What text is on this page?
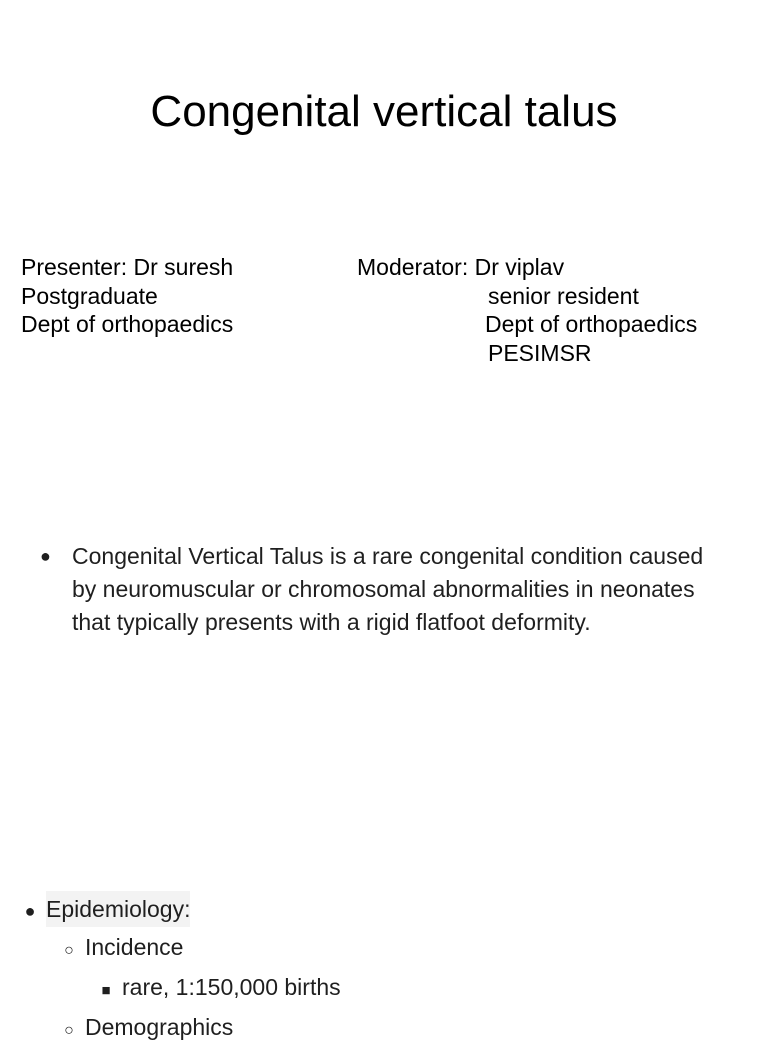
Congenital vertical talus
Presenter: Dr suresh
Postgraduate
Dept of orthopaedics
Moderator: Dr viplav
senior resident
Dept of orthopaedics
PESIMSR
● Congenital Vertical Talus is a rare congenital condition caused by neuromuscular or chromosomal abnormalities in neonates that typically presents with a rigid flatfoot deformity.
● Epidemiology:
○ Incidence
■ rare, 1:150,000 births
○ Demographics
